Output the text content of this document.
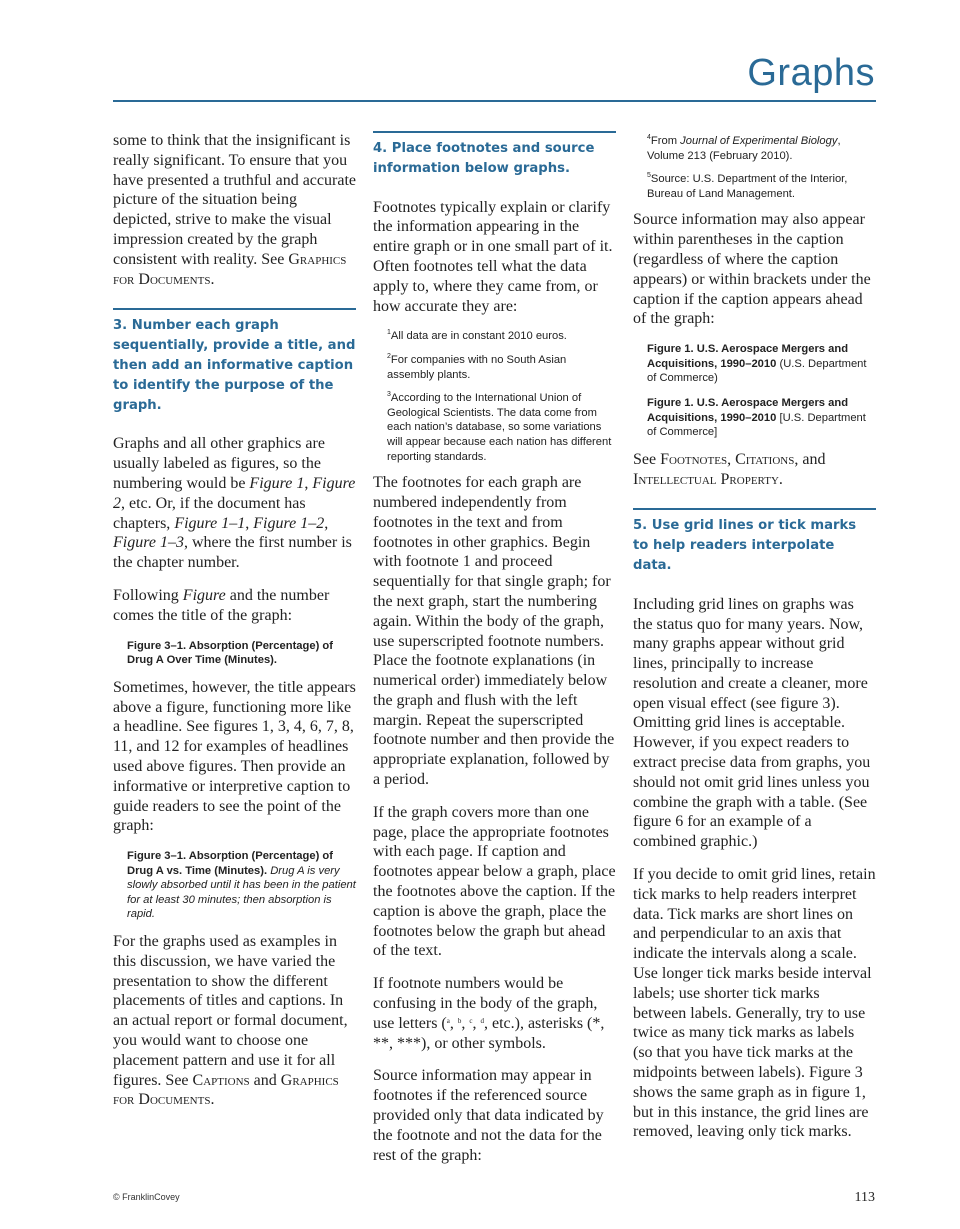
Graphs

some to think that the insignificant is really significant. To ensure that you have presented a truthful and accurate picture of the situation being depicted, strive to make the visual impression created by the graph consistent with reality. See Graphics for Documents.

3. Number each graph sequentially, provide a title, and then add an informative caption to identify the purpose of the graph.

Graphs and all other graphics are usually labeled as figures, so the numbering would be Figure 1, Figure 2, etc. Or, if the document has chapters, Figure 1–1, Figure 1–2, Figure 1–3, where the first number is the chapter number.

Following Figure and the number comes the title of the graph:

Figure 3–1. Absorption (Percentage) of Drug A Over Time (Minutes).

Sometimes, however, the title appears above a figure, functioning more like a headline. See figures 1, 3, 4, 6, 7, 8, 11, and 12 for examples of headlines used above figures. Then provide an informative or interpretive caption to guide readers to see the point of the graph:

Figure 3–1. Absorption (Percentage) of Drug A vs. Time (Minutes). Drug A is very slowly absorbed until it has been in the patient for at least 30 minutes; then absorption is rapid.

For the graphs used as examples in this discussion, we have varied the presentation to show the different placements of titles and captions. In an actual report or formal document, you would want to choose one placement pattern and use it for all figures. See Captions and Graphics for Documents.

4. Place footnotes and source information below graphs.

Footnotes typically explain or clarify the information appearing in the entire graph or in one small part of it. Often footnotes tell what the data apply to, where they came from, or how accurate they are:

$^1$All data are in constant 2010 euros.
$^2$For companies with no South Asian assembly plants.
$^3$According to the International Union of Geological Scientists. The data come from each nation’s database, so some variations will appear because each nation has different reporting standards.

The footnotes for each graph are numbered independently from footnotes in the text and from footnotes in other graphics. Begin with footnote 1 and proceed sequentially for that single graph; for the next graph, start the numbering again. Within the body of the graph, use superscripted footnote numbers. Place the footnote explanations (in numerical order) immediately below the graph and flush with the left margin. Repeat the superscripted footnote number and then provide the appropriate explanation, followed by a period.

If the graph covers more than one page, place the appropriate footnotes with each page. If caption and footnotes appear below a graph, place the footnotes above the caption. If the caption is above the graph, place the footnotes below the graph but ahead of the text.

If footnote numbers would be confusing in the body of the graph, use letters ($^a$, $^b$, $^c$, $^d$, etc.), asterisks (*, **, ***), or other symbols.

Source information may appear in footnotes if the referenced source provided only that data indicated by the footnote and not the data for the rest of the graph:

$^4$From Journal of Experimental Biology, Volume 213 (February 2010).
$^5$Source: U.S. Department of the Interior, Bureau of Land Management.

Source information may also appear within parentheses in the caption (regardless of where the caption appears) or within brackets under the caption if the caption appears ahead of the graph:

Figure 1. U.S. Aerospace Mergers and Acquisitions, 1990–2010 (U.S. Department of Commerce)
Figure 1. U.S. Aerospace Mergers and Acquisitions, 1990–2010 [U.S. Department of Commerce]

See Footnotes, Citations, and Intellectual Property.

5. Use grid lines or tick marks to help readers interpolate data.

Including grid lines on graphs was the status quo for many years. Now, many graphs appear without grid lines, principally to increase resolution and create a cleaner, more open visual effect (see figure 3). Omitting grid lines is acceptable. However, if you expect readers to extract precise data from graphs, you should not omit grid lines unless you combine the graph with a table. (See figure 6 for an example of a combined graphic.)

If you decide to omit grid lines, retain tick marks to help readers interpret data. Tick marks are short lines on and perpendicular to an axis that indicate the intervals along a scale. Use longer tick marks beside interval labels; use shorter tick marks between labels. Generally, try to use twice as many tick marks as labels (so that you have tick marks at the midpoints between labels). Figure 3 shows the same graph as in figure 1, but in this instance, the grid lines are removed, leaving only tick marks.

© FranklinCovey	113
